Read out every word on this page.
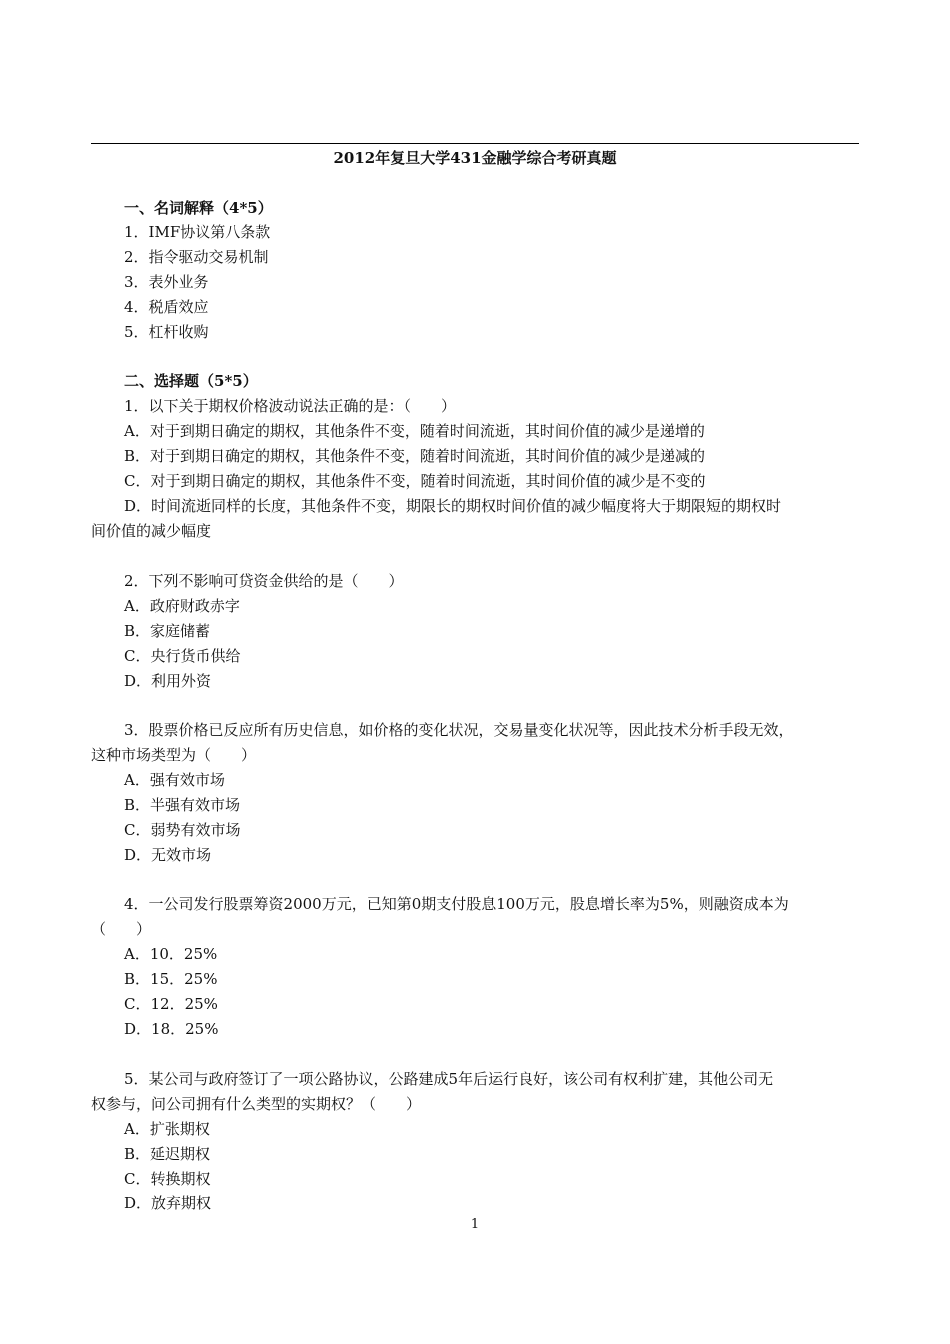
2012年复旦大学431金融学综合考研真题
一、名词解释（4*5）
1．IMF协议第八条款
2．指令驱动交易机制
3．表外业务
4．税盾效应
5．杠杆收购
二、选择题（5*5）
1．以下关于期权价格波动说法正确的是：（　　）
A．对于到期日确定的期权，其他条件不变，随着时间流逝，其时间价值的减少是递增的
B．对于到期日确定的期权，其他条件不变，随着时间流逝，其时间价值的减少是递减的
C．对于到期日确定的期权，其他条件不变，随着时间流逝，其时间价值的减少是不变的
D．时间流逝同样的长度，其他条件不变，期限长的期权时间价值的减少幅度将大于期限短的期权时
间价值的减少幅度
2．下列不影响可贷资金供给的是（　　）
A．政府财政赤字
B．家庭储蓄
C．央行货币供给
D．利用外资
3．股票价格已反应所有历史信息，如价格的变化状况，交易量变化状况等，因此技术分析手段无效，
这种市场类型为（　　）
A．强有效市场
B．半强有效市场
C．弱势有效市场
D．无效市场
4．一公司发行股票筹资2000万元，已知第0期支付股息100万元，股息增长率为5%，则融资成本为
（　　）
A．10．25%
B．15．25%
C．12．25%
D．18．25%
5．某公司与政府签订了一项公路协议，公路建成5年后运行良好，该公司有权利扩建，其他公司无
权参与，问公司拥有什么类型的实期权？（　　）
A．扩张期权
B．延迟期权
C．转换期权
D．放弃期权
1
